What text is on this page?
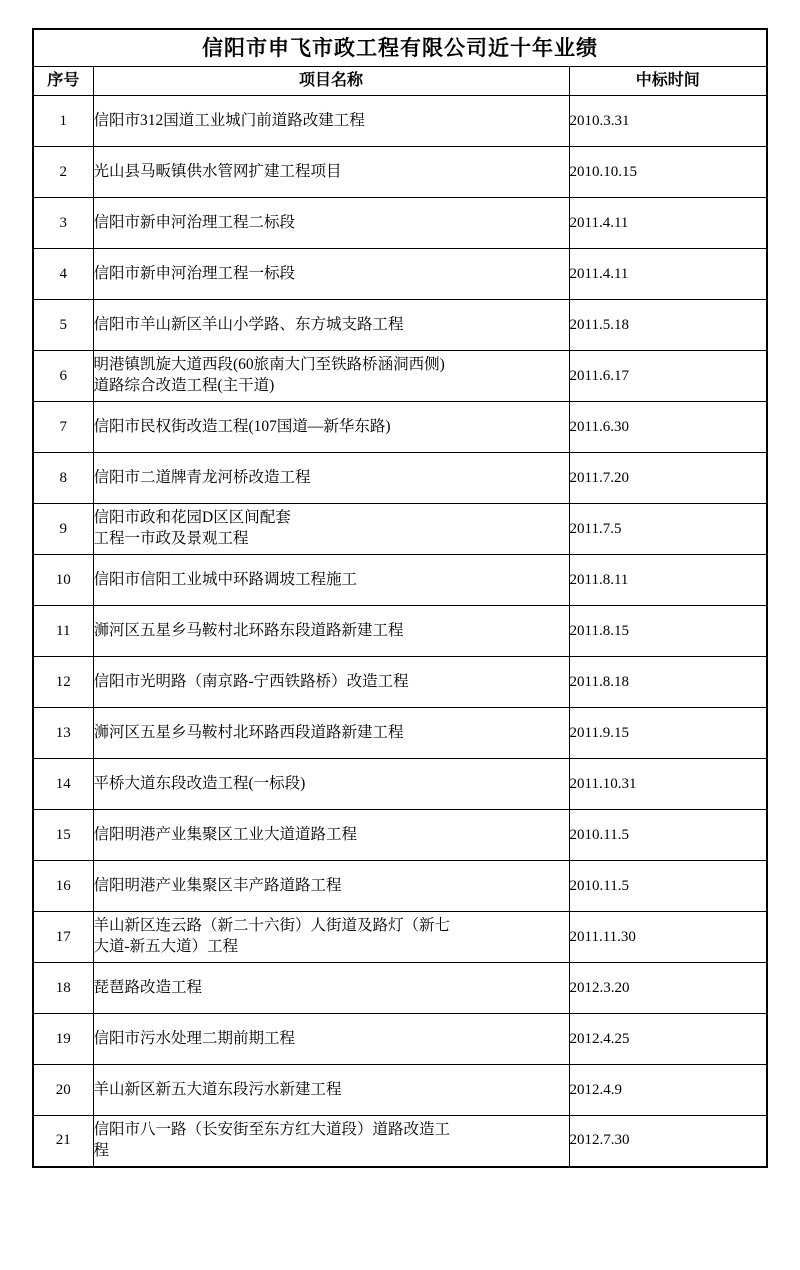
信阳市申飞市政工程有限公司近十年业绩		
序号	项目名称	中标时间
1	信阳市312国道工业城门前道路改建工程	2010.3.31
2	光山县马畈镇供水管网扩建工程项目	2010.10.15
3	信阳市新申河治理工程二标段	2011.4.11
4	信阳市新申河治理工程一标段	2011.4.11
5	信阳市羊山新区羊山小学路、东方城支路工程	2011.5.18
6	明港镇凯旋大道西段(60旅南大门至铁路桥涵洞西侧)
道路综合改造工程(主干道)	2011.6.17
7	信阳市民权街改造工程(107国道—新华东路)	2011.6.30
8	信阳市二道牌青龙河桥改造工程	2011.7.20
9	信阳市政和花园D区区间配套
工程一市政及景观工程	2011.7.5
10	信阳市信阳工业城中环路调坡工程施工	2011.8.11
11	浉河区五星乡马鞍村北环路东段道路新建工程	2011.8.15
12	信阳市光明路（南京路-宁西铁路桥）改造工程	2011.8.18
13	浉河区五星乡马鞍村北环路西段道路新建工程	2011.9.15
14	平桥大道东段改造工程(一标段)	2011.10.31
15	信阳明港产业集聚区工业大道道路工程	2010.11.5
16	信阳明港产业集聚区丰产路道路工程	2010.11.5
17	羊山新区连云路（新二十六街）人街道及路灯（新七
大道-新五大道）工程	2011.11.30
18	琵琶路改造工程	2012.3.20
19	信阳市污水处理二期前期工程	2012.4.25
20	羊山新区新五大道东段污水新建工程	2012.4.9
21	信阳市八一路（长安街至东方红大道段）道路改造工
程	2012.7.30
